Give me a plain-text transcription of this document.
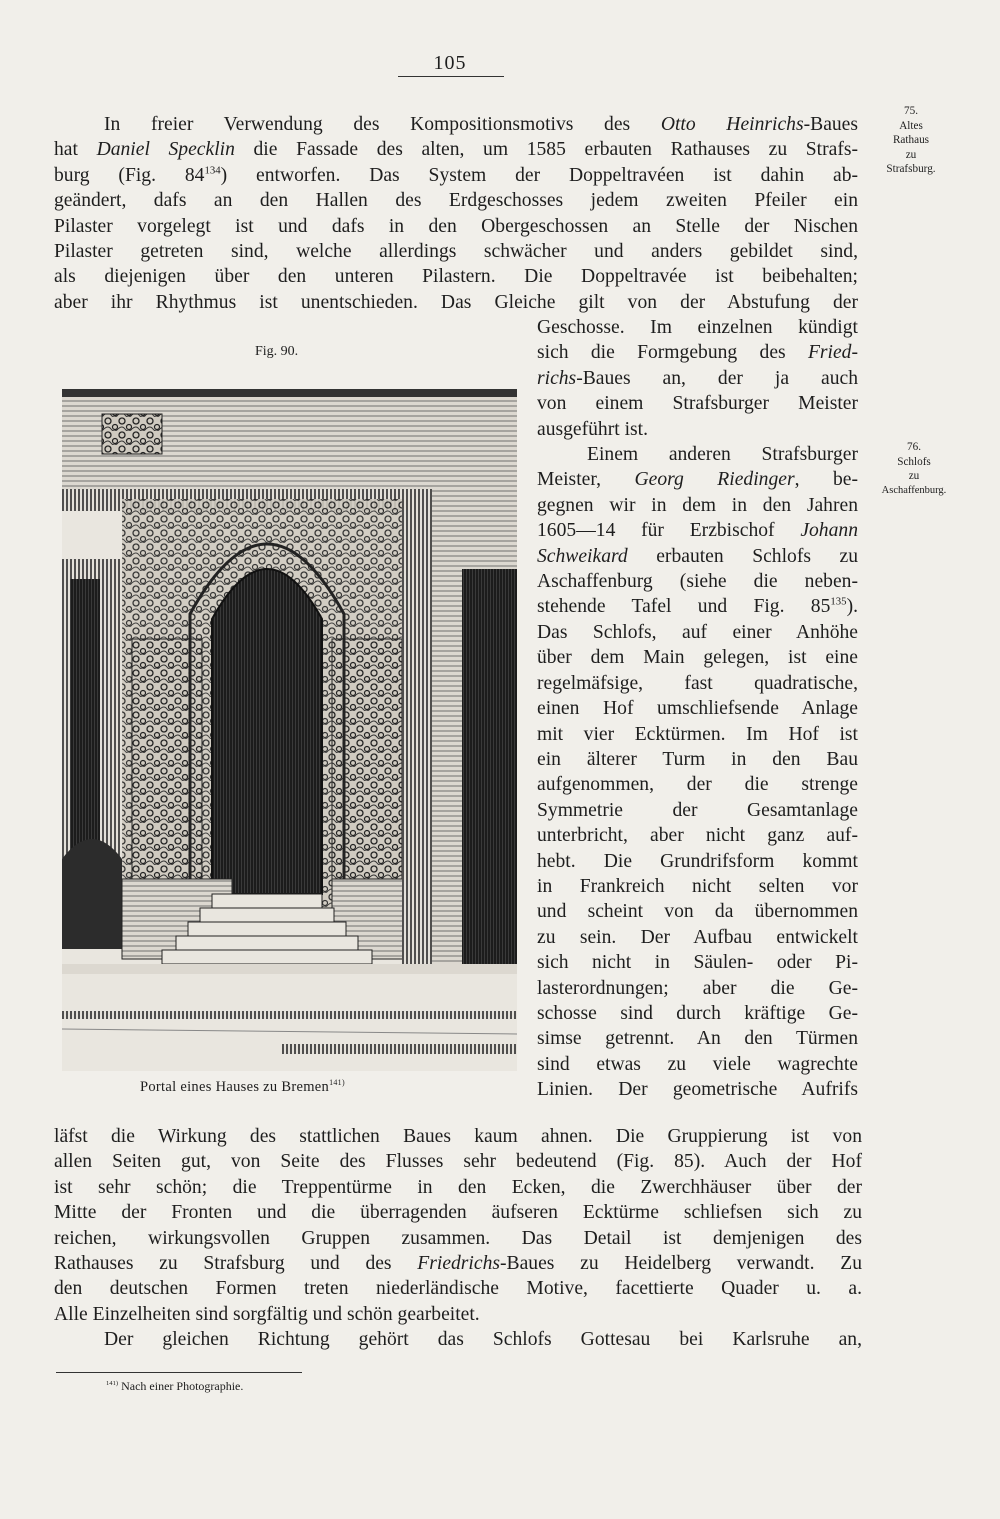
105
75.
Altes
Rathaus
zu
Strafsburg.
76.
Schlofs
zu
Aschaffenburg.

In freier Verwendung des Kompositionsmotivs des Otto Heinrichs-Baues

hat Daniel Specklin die Fassade des alten, um 1585 erbauten Rathauses zu Strafs-

burg (Fig. $84^{134}$) entworfen. Das System der Doppeltravéen ist dahin ab-

geändert, dafs an den Hallen des Erdgeschosses jedem zweiten Pfeiler ein

Pilaster vorgelegt ist und dafs in den Obergeschossen an Stelle der Nischen

Pilaster getreten sind, welche allerdings schwächer und anders gebildet sind,

als diejenigen über den unteren Pilastern. Die Doppeltravée ist beibehalten;

aber ihr Rhythmus ist unentschieden. Das Gleiche gilt von der Abstufung der

Fig. 90.

Geschosse. Im einzelnen kündigt

sich die Formgebung des Fried-

richs-Baues an, der ja auch

von einem Strafsburger Meister

ausgeführt ist.

Einem anderen Strafsburger

Meister, Georg Riedinger, be-

gegnen wir in dem in den Jahren

1605—14 für Erzbischof Johann

Schweikard erbauten Schlofs zu

Aschaffenburg (siehe die neben-

stehende Tafel und Fig. $85^{135}$).

Das Schlofs, auf einer Anhöhe

über dem Main gelegen, ist eine

regelmäfsige, fast quadratische,

einen Hof umschliefsende Anlage

mit vier Ecktürmen. Im Hof ist

ein älterer Turm in den Bau

aufgenommen, der die strenge

Symmetrie der Gesamtanlage

unterbricht, aber nicht ganz auf-

hebt. Die Grundrifsform kommt

in Frankreich nicht selten vor

und scheint von da übernommen

zu sein. Der Aufbau entwickelt

sich nicht in Säulen- oder Pi-

lasterordnungen; aber die Ge-

schosse sind durch kräftige Ge-

simse getrennt. An den Türmen

sind etwas zu viele wagrechte

Linien. Der geometrische Aufrifs

Portal eines Hauses zu Bremen$^{141)}$

läfst die Wirkung des stattlichen Baues kaum ahnen. Die Gruppierung ist von

allen Seiten gut, von Seite des Flusses sehr bedeutend (Fig. 85). Auch der Hof

ist sehr schön; die Treppentürme in den Ecken, die Zwerchhäuser über der

Mitte der Fronten und die überragenden äufseren Ecktürme schliefsen sich zu

reichen, wirkungsvollen Gruppen zusammen. Das Detail ist demjenigen des

Rathauses zu Strafsburg und des Friedrichs-Baues zu Heidelberg verwandt. Zu

den deutschen Formen treten niederländische Motive, facettierte Quader u. a.

Alle Einzelheiten sind sorgfältig und schön gearbeitet.

Der gleichen Richtung gehört das Schlofs Gottesau bei Karlsruhe an,

$^{141)}$ Nach einer Photographie.
